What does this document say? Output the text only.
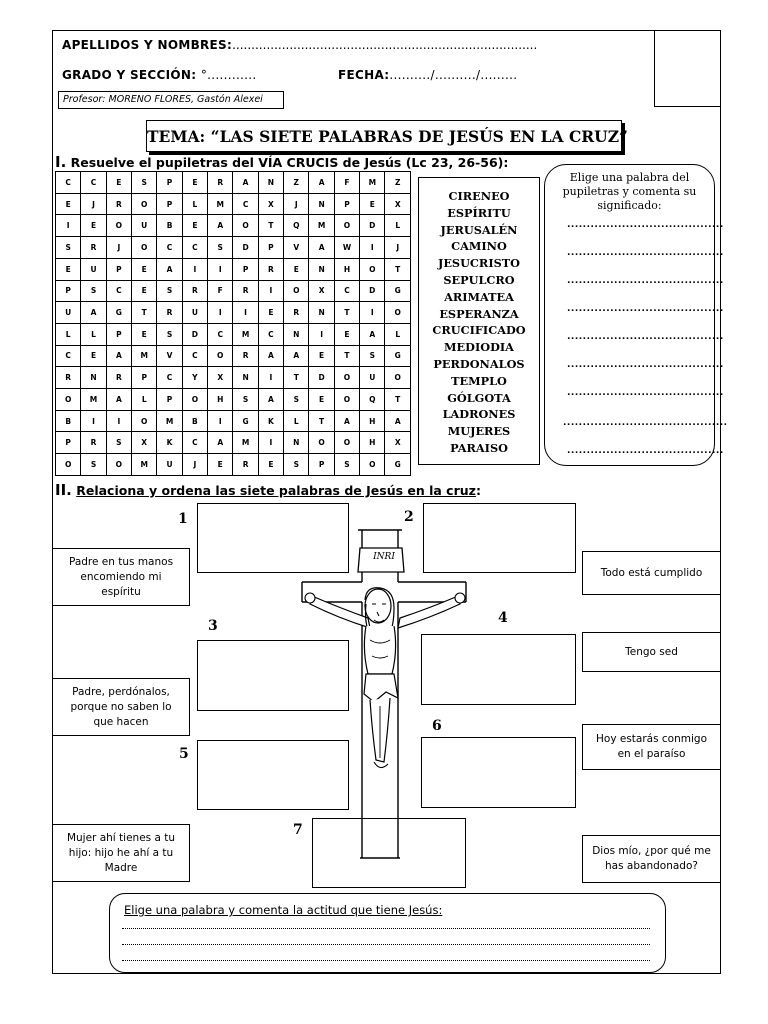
APELLIDOS Y NOMBRES:................................................................................
GRADO Y SECCIÓN: °............	FECHA:........../........../.........
Profesor: MORENO FLORES, Gastón Alexei
TEMA: “LAS SIETE PALABRAS DE JESÚS EN LA CRUZ”
I. Resuelve el pupiletras del VÍA CRUCIS de Jesús (Lc 23, 26-56):
C	C	E	S	P	E	R	A	N	Z	A	F	M	Z
E	J	R	O	P	L	M	C	X	J	N	P	E	X
I	E	O	U	B	E	A	O	T	Q	M	O	D	L
S	R	J	O	C	C	S	D	P	V	A	W	I	J
E	U	P	E	A	I	I	P	R	E	N	H	O	T
P	S	C	E	S	R	F	R	I	O	X	C	D	G
U	A	G	T	R	U	I	I	E	R	N	T	I	O
L	L	P	E	S	D	C	M	C	N	I	E	A	L
C	E	A	M	V	C	O	R	A	A	E	T	S	G
R	N	R	P	C	Y	X	N	I	T	D	O	U	O
O	M	A	L	P	O	H	S	A	S	E	O	Q	T
B	I	I	O	M	B	I	G	K	L	T	A	H	A
P	R	S	X	K	C	A	M	I	N	O	O	H	X
O	S	O	M	U	J	E	R	E	S	P	S	O	G
CIRENEO
ESPÍRITU
JERUSALÉN
CAMINO
JESUCRISTO
SEPULCRO
ARIMATEA
ESPERANZA
CRUCIFICADO
MEDIODIA
PERDONALOS
TEMPLO
GÓLGOTA
LADRONES
MUJERES
PARAISO
Elige una palabra del pupiletras y comenta su significado:
........................................
........................................
........................................
........................................
........................................
........................................
........................................
..........................................
........................................
II. Relaciona y ordena las siete palabras de Jesús en la cruz:
INRI
1	2
3	4
5
6
7
Padre en tus manos encomiendo mi espíritu
Padre, perdónalos, porque no saben lo que hacen
Mujer ahí tienes a tu hijo: hijo he ahí a tu Madre
Todo está cumplido
Tengo sed
Hoy estarás conmigo en el paraíso
Dios mío, ¿por qué me has abandonado?
Elige una palabra y comenta la actitud que tiene Jesús:
